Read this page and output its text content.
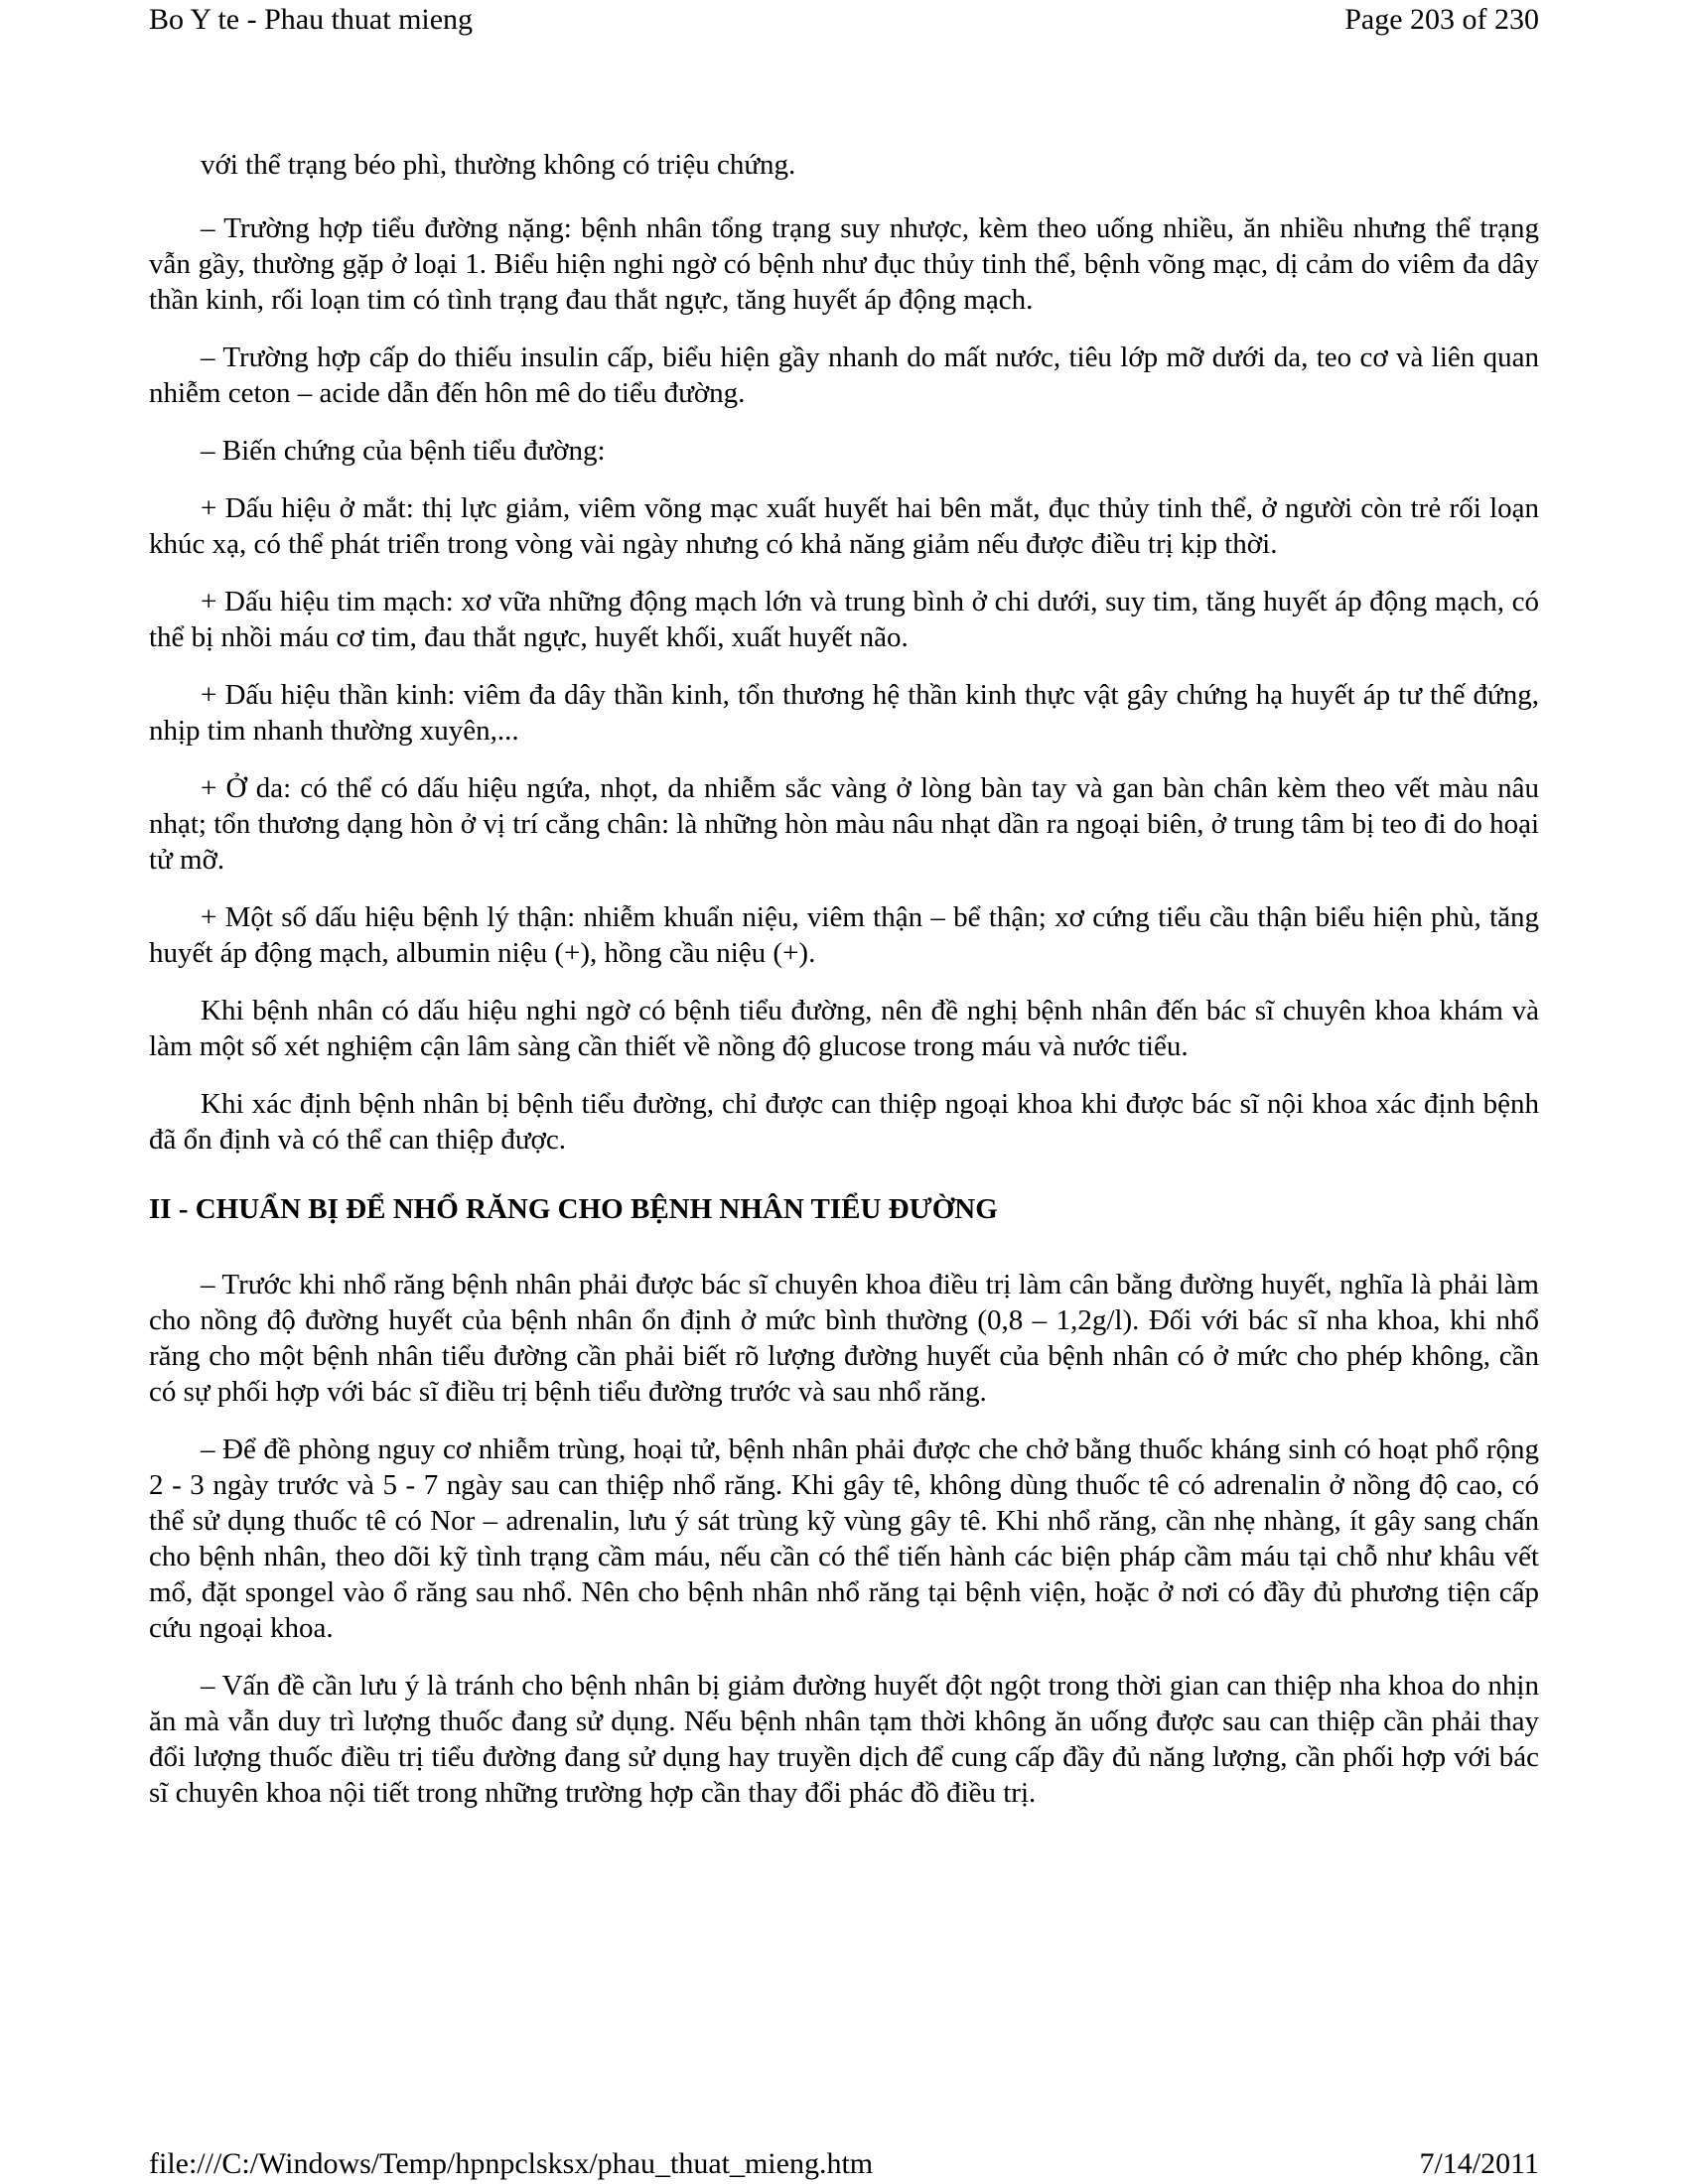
Bo Y te - Phau thuat mieng	Page 203 of 230

với thể trạng béo phì, thường không có triệu chứng.

– Trường hợp tiểu đường nặng: bệnh nhân tổng trạng suy nhược, kèm theo uống nhiều, ăn nhiều nhưng thể trạng vẫn gầy, thường gặp ở loại 1. Biểu hiện nghi ngờ có bệnh như đục thủy tinh thể, bệnh võng mạc, dị cảm do viêm đa dây thần kinh, rối loạn tim có tình trạng đau thắt ngực, tăng huyết áp động mạch.

– Trường hợp cấp do thiếu insulin cấp, biểu hiện gầy nhanh do mất nước, tiêu lớp mỡ dưới da, teo cơ và liên quan nhiễm ceton – acide dẫn đến hôn mê do tiểu đường.

– Biến chứng của bệnh tiểu đường:

+ Dấu hiệu ở mắt: thị lực giảm, viêm võng mạc xuất huyết hai bên mắt, đục thủy tinh thể, ở người còn trẻ rối loạn khúc xạ, có thể phát triển trong vòng vài ngày nhưng có khả năng giảm nếu được điều trị kịp thời.

+ Dấu hiệu tim mạch: xơ vữa những động mạch lớn và trung bình ở chi dưới, suy tim, tăng huyết áp động mạch, có thể bị nhồi máu cơ tim, đau thắt ngực, huyết khối, xuất huyết não.

+ Dấu hiệu thần kinh: viêm đa dây thần kinh, tổn thương hệ thần kinh thực vật gây chứng hạ huyết áp tư thế đứng, nhịp tim nhanh thường xuyên,...

+ Ở da: có thể có dấu hiệu ngứa, nhọt, da nhiễm sắc vàng ở lòng bàn tay và gan bàn chân kèm theo vết màu nâu nhạt; tổn thương dạng hòn ở vị trí cẳng chân: là những hòn màu nâu nhạt dần ra ngoại biên, ở trung tâm bị teo đi do hoại tử mỡ.

+ Một số dấu hiệu bệnh lý thận: nhiễm khuẩn niệu, viêm thận – bể thận; xơ cứng tiểu cầu thận biểu hiện phù, tăng huyết áp động mạch, albumin niệu (+), hồng cầu niệu (+).

Khi bệnh nhân có dấu hiệu nghi ngờ có bệnh tiểu đường, nên đề nghị bệnh nhân đến bác sĩ chuyên khoa khám và làm một số xét nghiệm cận lâm sàng cần thiết về nồng độ glucose trong máu và nước tiểu.

Khi xác định bệnh nhân bị bệnh tiểu đường, chỉ được can thiệp ngoại khoa khi được bác sĩ nội khoa xác định bệnh đã ổn định và có thể can thiệp được.

II - CHUẨN BỊ ĐỂ NHỔ RĂNG CHO BỆNH NHÂN TIỂU ĐƯỜNG

– Trước khi nhổ răng bệnh nhân phải được bác sĩ chuyên khoa điều trị làm cân bằng đường huyết, nghĩa là phải làm cho nồng độ đường huyết của bệnh nhân ổn định ở mức bình thường (0,8 – 1,2g/l). Đối với bác sĩ nha khoa, khi nhổ răng cho một bệnh nhân tiểu đường cần phải biết rõ lượng đường huyết của bệnh nhân có ở mức cho phép không, cần có sự phối hợp với bác sĩ điều trị bệnh tiểu đường trước và sau nhổ răng.

– Để đề phòng nguy cơ nhiễm trùng, hoại tử, bệnh nhân phải được che chở bằng thuốc kháng sinh có hoạt phổ rộng 2 - 3 ngày trước và 5 - 7 ngày sau can thiệp nhổ răng. Khi gây tê, không dùng thuốc tê có adrenalin ở nồng độ cao, có thể sử dụng thuốc tê có Nor – adrenalin, lưu ý sát trùng kỹ vùng gây tê. Khi nhổ răng, cần nhẹ nhàng, ít gây sang chấn cho bệnh nhân, theo dõi kỹ tình trạng cầm máu, nếu cần có thể tiến hành các biện pháp cầm máu tại chỗ như khâu vết mổ, đặt spongel vào ổ răng sau nhổ. Nên cho bệnh nhân nhổ răng tại bệnh viện, hoặc ở nơi có đầy đủ phương tiện cấp cứu ngoại khoa.

– Vấn đề cần lưu ý là tránh cho bệnh nhân bị giảm đường huyết đột ngột trong thời gian can thiệp nha khoa do nhịn ăn mà vẫn duy trì lượng thuốc đang sử dụng. Nếu bệnh nhân tạm thời không ăn uống được sau can thiệp cần phải thay đổi lượng thuốc điều trị tiểu đường đang sử dụng hay truyền dịch để cung cấp đầy đủ năng lượng, cần phối hợp với bác sĩ chuyên khoa nội tiết trong những trường hợp cần thay đổi phác đồ điều trị.

file:///C:/Windows/Temp/hpnpclsksx/phau_thuat_mieng.htm	7/14/2011
